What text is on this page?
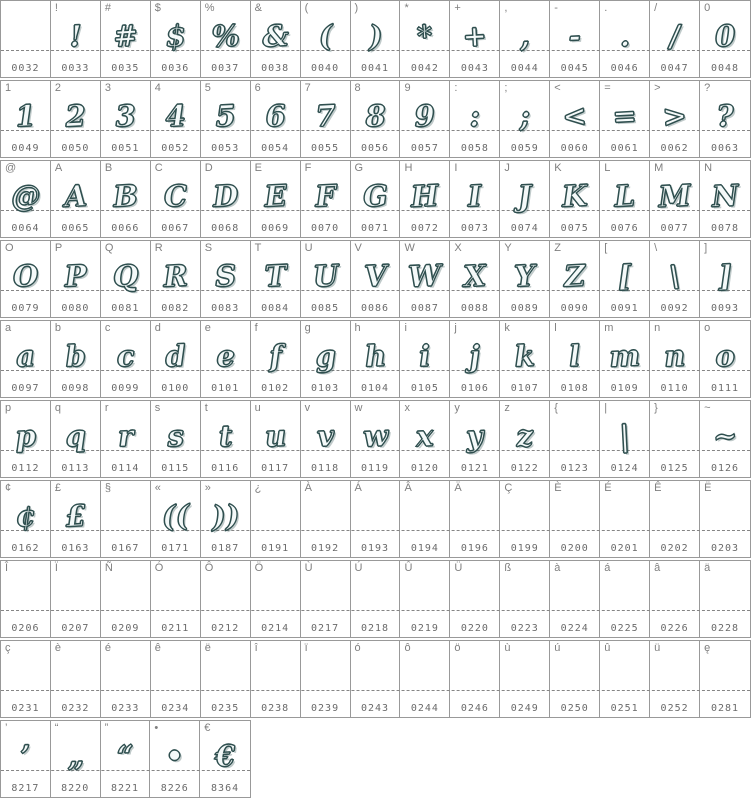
0032
!
!
0033
#
#
0035
$
$
0036
%
%
0037
&
&
0038
(
(
0040
)
)
0041
*
*
0042
+
+
0043
,
,
0044
-
-
0045
.
.
0046
/
/
0047
0
0
0048
1
1
0049
2
2
0050
3
3
0051
4
4
0052
5
5
0053
6
6
0054
7
7
0055
8
8
0056
9
9
0057
:
:
0058
;
;
0059
<
<
0060
=
=
0061
>
>
0062
?
?
0063
@
@
0064
A
A
0065
B
B
0066
C
C
0067
D
D
0068
E
E
0069
F
F
0070
G
G
0071
H
H
0072
I
I
0073
J
J
0074
K
K
0075
L
L
0076
M
M
0077
N
N
0078
O
O
0079
P
P
0080
Q
Q
0081
R
R
0082
S
S
0083
T
T
0084
U
U
0085
V
V
0086
W
W
0087
X
X
0088
Y
Y
0089
Z
Z
0090
[
[
0091
\
\
0092
]
]
0093
a
a
0097
b
b
0098
c
c
0099
d
d
0100
e
e
0101
f
f
0102
g
g
0103
h
h
0104
i
i
0105
j
j
0106
k
k
0107
l
l
0108
m
m
0109
n
n
0110
o
o
0111
p
p
0112
q
q
0113
r
r
0114
s
s
0115
t
t
0116
u
u
0117
v
v
0118
w
w
0119
x
x
0120
y
y
0121
z
z
0122
{
0123
|
|
0124
}
0125
~
~
0126
¢
¢
0162
£
£
0163
§
0167
«
((
0171
»
))
0187
¿
0191
À
0192
Á
0193
Â
0194
Ä
0196
Ç
0199
È
0200
É
0201
Ê
0202
Ë
0203
Î
0206
Ï
0207
Ñ
0209
Ó
0211
Ô
0212
Ö
0214
Ù
0217
Ú
0218
Û
0219
Ü
0220
ß
0223
à
0224
á
0225
â
0226
ä
0228
ç
0231
è
0232
é
0233
ê
0234
ë
0235
î
0238
ï
0239
ó
0243
ô
0244
ö
0246
ù
0249
ú
0250
û
0251
ü
0252
ę
0281
’
’
8217
“
„
8220
”
“
8221
•
•
8226
€
€
8364
